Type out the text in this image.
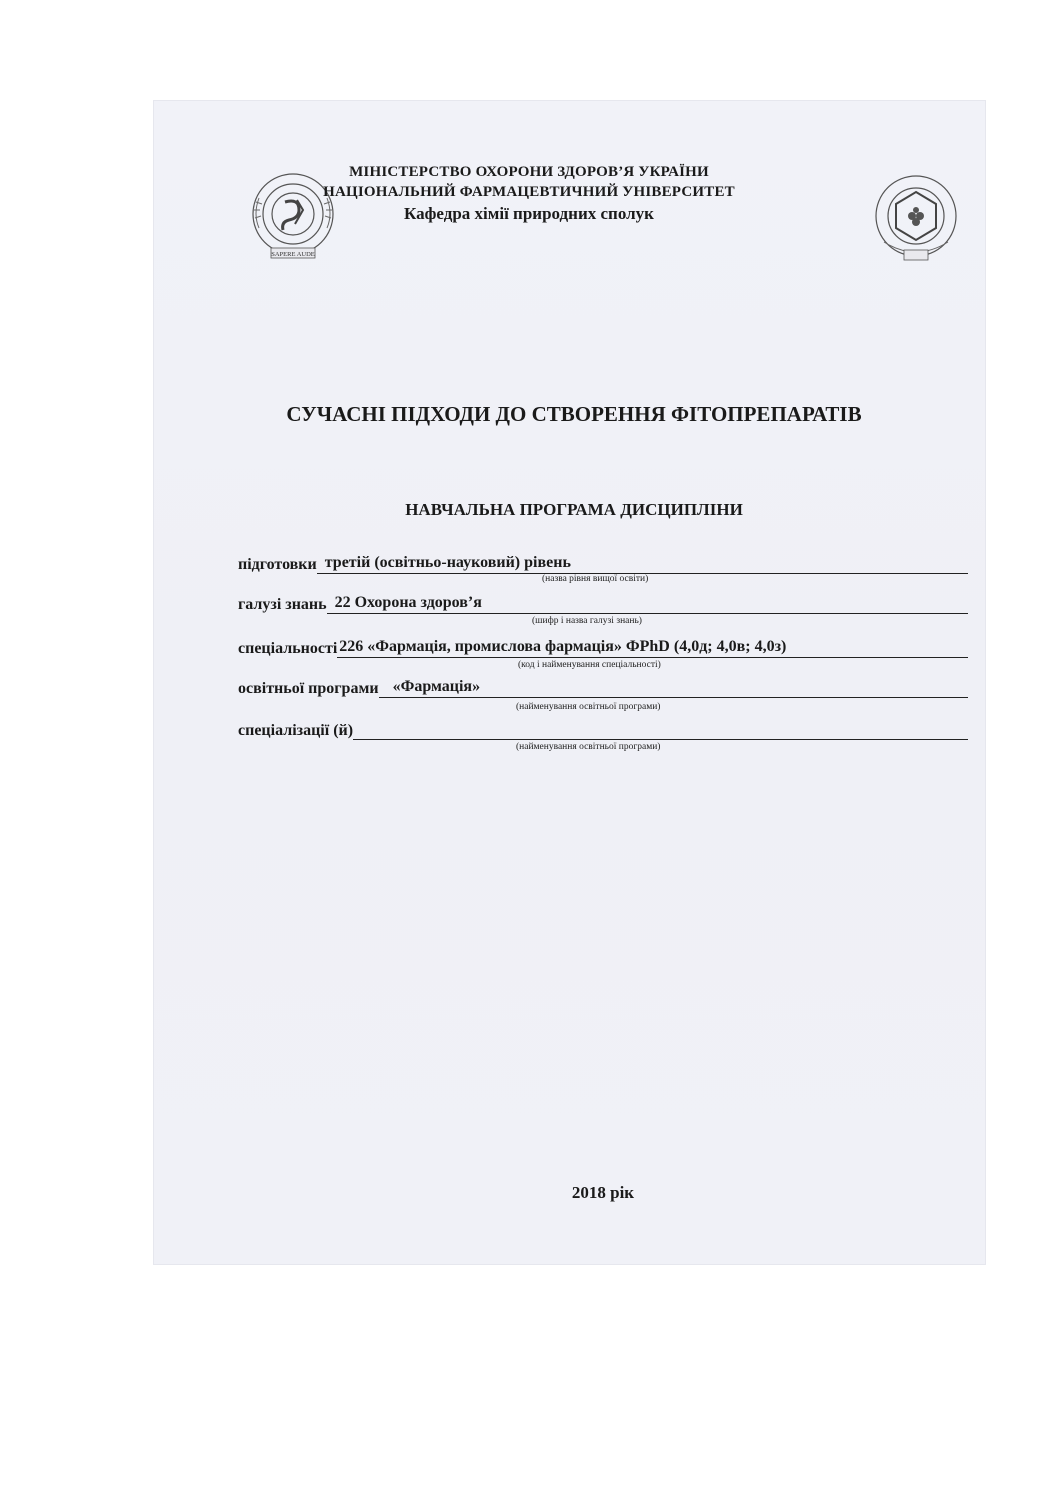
SAPERE AUDE
МІНІСТЕРСТВО ОХОРОНИ ЗДОРОВ’Я УКРАЇНИ
НАЦІОНАЛЬНИЙ ФАРМАЦЕВТИЧНИЙ УНІВЕРСИТЕТ
Кафедра хімії природних сполук
СУЧАСНІ ПІДХОДИ ДО СТВОРЕННЯ ФІТОПРЕПАРАТІВ
НАВЧАЛЬНА ПРОГРАМА ДИСЦИПЛІНИ
підготовки третій (освітньо-науковий) рівень
(назва рівня вищої освіти)
галузі знань 22 Охорона здоров’я
(шифр і назва галузі знань)
спеціальності 226 «Фармація, промислова фармація» ФPhD (4,0д; 4,0в; 4,0з)
(код і найменування спеціальності)
освітньої програми «Фармація»
(найменування освітньої програми)
спеціалізації (й)
(найменування освітньої програми)
2018 рік
